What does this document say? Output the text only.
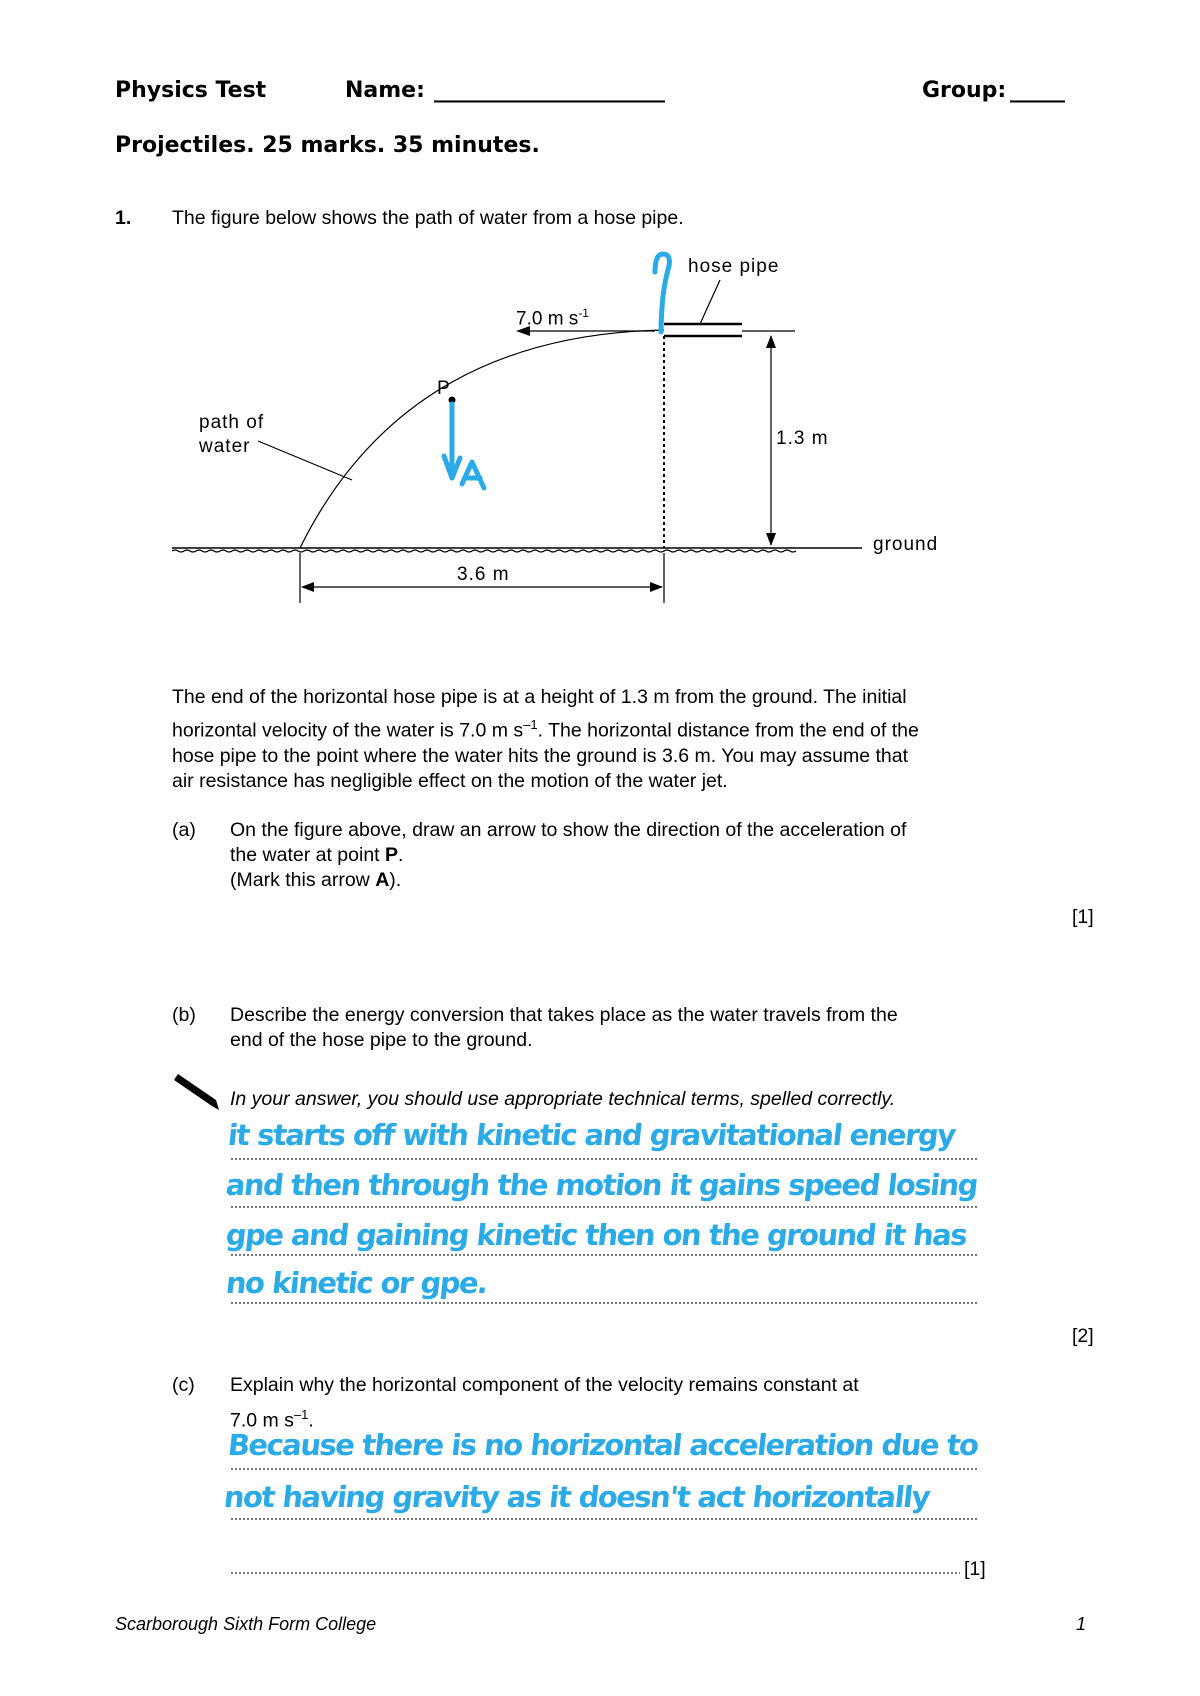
Physics Test	Name: _____________________	Group: _____
Projectiles. 25 marks. 35 minutes.
1. The figure below shows the path of water from a hose pipe.
hose pipe
7.0 m $s^{-1}$
P
path of
water	1.3 m
ground
3.6 m
The end of the horizontal hose pipe is at a height of 1.3 m from the ground. The initial
horizontal velocity of the water is 7.0 m $s^{-1}$. The horizontal distance from the end of the
hose pipe to the point where the water hits the ground is 3.6 m. You may assume that
air resistance has negligible effect on the motion of the water jet.
(a) On the figure above, draw an arrow to show the direction of the acceleration of
the water at point P.
(Mark this arrow A).
[1]
(b) Describe the energy conversion that takes place as the water travels from the
end of the hose pipe to the ground.
In your answer, you should use appropriate technical terms, spelled correctly.
it starts off with kinetic and gravitational energy
and then through the motion it gains speed losing
gpe and gaining kinetic then on the ground it has
no kinetic or gpe.
[2]
(c) Explain why the horizontal component of the velocity remains constant at
7.0 m $s^{-1}$.
Because there is no horizontal acceleration due to
not having gravity as it doesn't act horizontally
[1]
Scarborough Sixth Form College	1
